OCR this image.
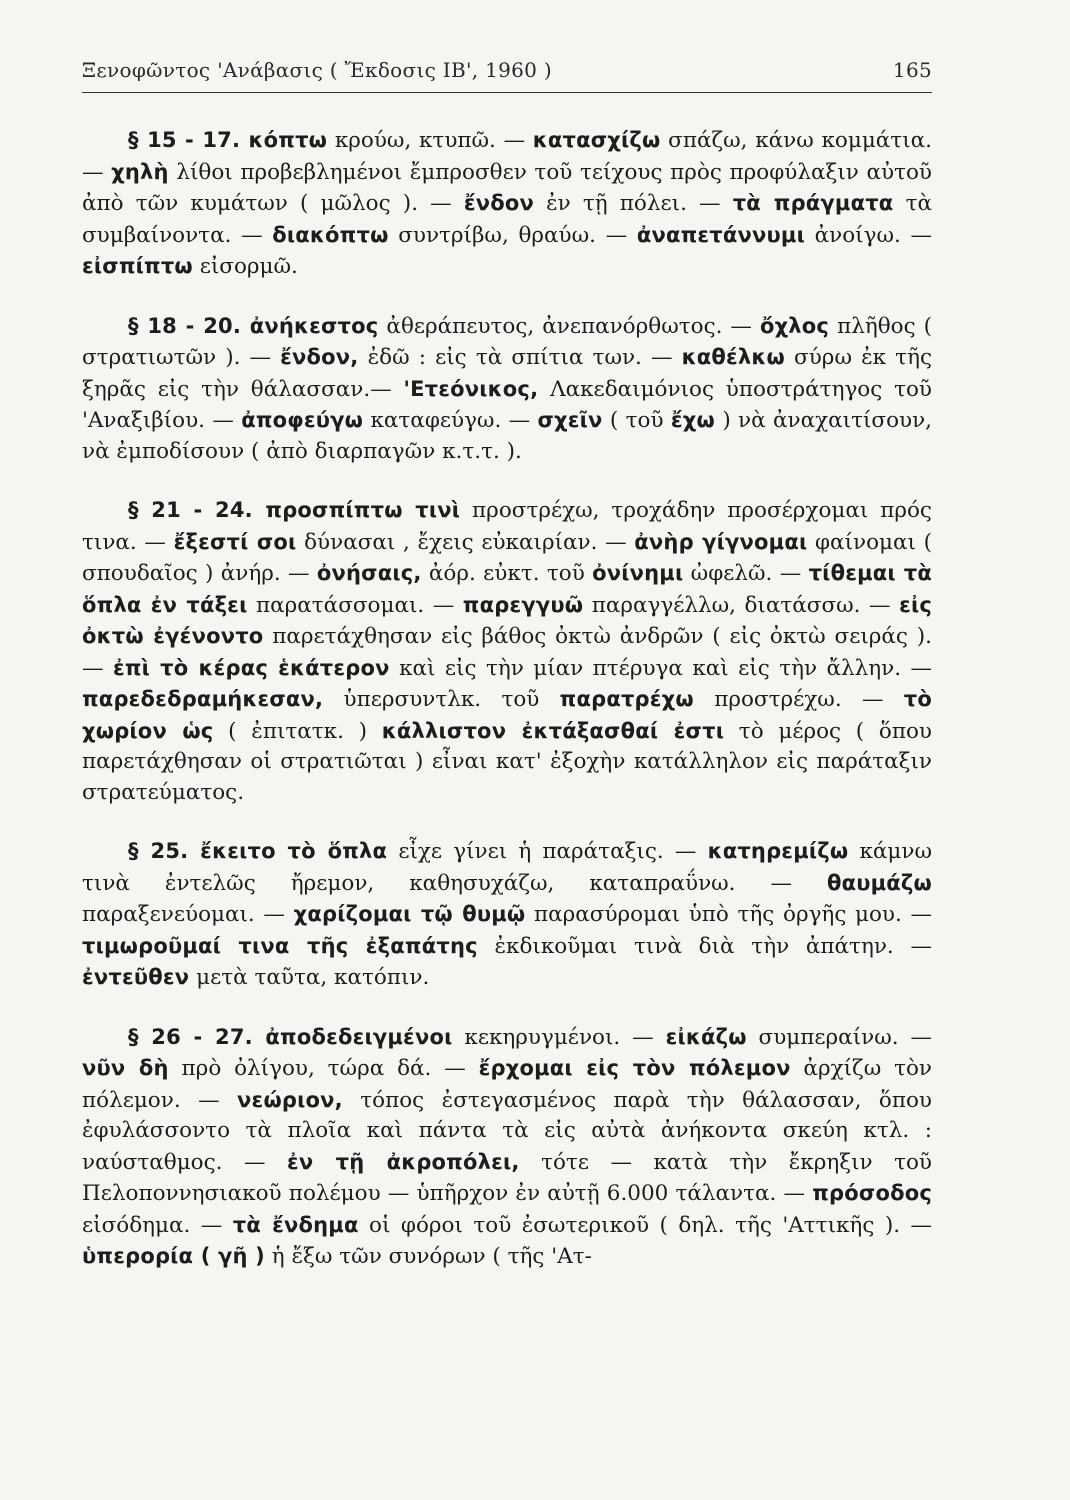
Ξενοφῶντος 'Ανάβασις ( Ἔκδοσις ΙΒ', 1960 )	165

§ 15 - 17. κόπτω κρούω, κτυπῶ. — κατασχίζω σπάζω, κάνω κομμάτια. — χηλὴ λίθοι προβεβλημένοι ἔμπροσθεν τοῦ τείχους πρὸς προφύλαξιν αὐτοῦ ἀπὸ τῶν κυμάτων ( μῶλος ). — ἔνδον ἐν τῇ πόλει. — τὰ πράγματα τὰ συμβαίνοντα. — διακόπτω συντρίβω, θραύω. — ἀναπετάννυμι ἀνοίγω. — εἰσπίπτω εἰσορμῶ.

§ 18 - 20. ἀνήκεστος ἀθεράπευτος, ἀνεπανόρθωτος. — ὄχλος πλῆθος ( στρατιωτῶν ). — ἔνδον, ἐδῶ : εἰς τὰ σπίτια των. — καθέλκω σύρω ἐκ τῆς ξηρᾶς εἰς τὴν θάλασσαν.— 'Ετεόνικος, Λακεδαιμόνιος ὑποστράτηγος τοῦ 'Αναξιβίου. — ἀποφεύγω καταφεύγω. — σχεῖν ( τοῦ ἔχω ) νὰ ἀναχαιτίσουν, νὰ ἐμποδίσουν ( ἀπὸ διαρπαγῶν κ.τ.τ. ).

§ 21 - 24. προσπίπτω τινὶ προστρέχω, τροχάδην προσέρχομαι πρός τινα. — ἔξεστί σοι δύνασαι , ἔχεις εὐκαιρίαν. — ἀνὴρ γίγνομαι φαίνομαι ( σπουδαῖος ) ἀνήρ. — ὀνήσαις, ἀόρ. εὐκτ. τοῦ ὀνίνημι ὠφελῶ. — τίθεμαι τὰ ὅπλα ἐν τάξει παρατάσσομαι. — παρεγγυῶ παραγγέλλω, διατάσσω. — εἰς ὀκτὼ ἐγένοντο παρετάχθησαν εἰς βάθος ὀκτὼ ἀνδρῶν ( εἰς ὀκτὼ σειράς ). — ἐπὶ τὸ κέρας ἑκάτερον καὶ εἰς τὴν μίαν πτέρυγα καὶ εἰς τὴν ἄλλην. — παρεδεδραμήκεσαν, ὑπερσυντλκ. τοῦ παρατρέχω προστρέχω. — τὸ χωρίον ὡς ( ἐπιτατκ. ) κάλλιστον ἐκτάξασθαί ἐστι τὸ μέρος ( ὅπου παρετάχθησαν οἱ στρατιῶται ) εἶναι κατ' ἐξοχὴν κατάλληλον εἰς παράταξιν στρατεύματος.

§ 25. ἔκειτο τὸ ὅπλα εἶχε γίνει ἡ παράταξις. — κατηρεμίζω κάμνω τινὰ ἐντελῶς ἤρεμον, καθησυχάζω, καταπραΰνω. — θαυμάζω παραξενεύομαι. — χαρίζομαι τῷ θυμῷ παρασύρομαι ὑπὸ τῆς ὀργῆς μου. — τιμωροῦμαί τινα τῆς ἐξαπάτης ἐκδικοῦμαι τινὰ διὰ τὴν ἀπάτην. — ἐντεῦθεν μετὰ ταῦτα, κατόπιν.

§ 26 - 27. ἀποδεδειγμένοι κεκηρυγμένοι. — εἰκάζω συμπεραίνω. — νῦν δὴ πρὸ ὀλίγου, τώρα δά. — ἔρχομαι εἰς τὸν πόλεμον ἀρχίζω τὸν πόλεμον. — νεώριον, τόπος ἐστεγασμένος παρὰ τὴν θάλασσαν, ὅπου ἐφυλάσσοντο τὰ πλοῖα καὶ πάντα τὰ εἰς αὐτὰ ἀνήκοντα σκεύη κτλ. : ναύσταθμος. — ἐν τῇ ἀκροπόλει, τότε — κατὰ τὴν ἔκρηξιν τοῦ Πελοποννησιακοῦ πολέμου — ὑπῆρχον ἐν αὐτῇ 6.000 τάλαντα. — πρόσοδος εἰσόδημα. — τὰ ἔνδημα οἱ φόροι τοῦ ἐσωτερικοῦ ( δηλ. τῆς 'Αττικῆς ). — ὑπερορία ( γῆ ) ἡ ἔξω τῶν συνόρων ( τῆς 'Ατ-
